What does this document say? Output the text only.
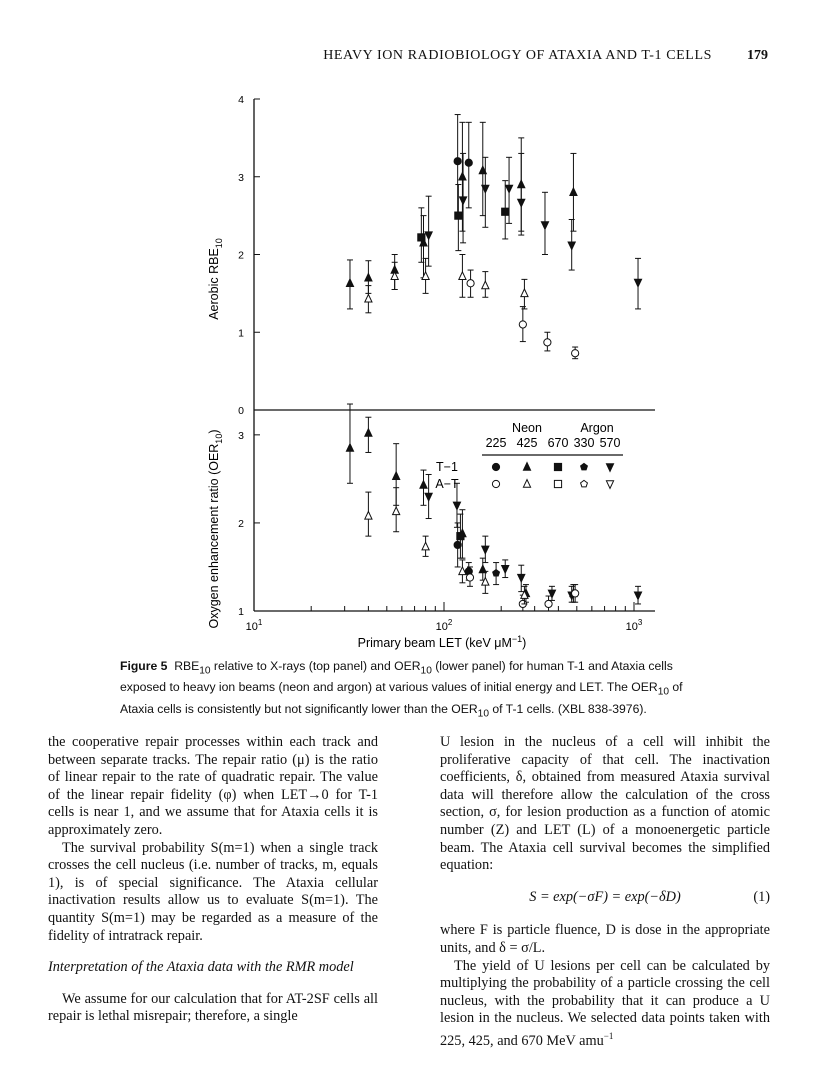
HEAVY ION RADIOBIOLOGY OF ATAXIA AND T-1 CELLS	179
0
1
2
3
4
2
3
1
Aerobic $RBE_{10}$
Oxygen enhancement ratio $(OER_{10})$
Primary beam LET (keV $\mu M^{-1}$)
$10^1$	$10^2$	$10^3$
Neon	Argon
225 425 670 330 570
T−1
A−T
Figure 5 $RBE_{10}$ relative to X-rays (top panel) and $OER_{10}$ (lower panel) for human T-1 and Ataxia cells exposed to heavy ion beams (neon and argon) at various values of initial energy and LET. The $OER_{10}$ of Ataxia cells is consistently but not significantly lower than the $OER_{10}$ of T-1 cells. (XBL 838-3976).

the cooperative repair processes within each track and between separate tracks. The repair ratio (μ) is the ratio of linear repair to the rate of quadratic repair. The value of the linear repair fidelity (φ) when LET→0 for T-1 cells is near 1, and we assume that for Ataxia cells it is approximately zero.

The survival probability S(m=1) when a single track crosses the cell nucleus (i.e. number of tracks, m, equals 1), is of special significance. The Ataxia cellular inactivation results allow us to evaluate S(m=1). The quantity S(m=1) may be regarded as a measure of the fidelity of intratrack repair.

Interpretation of the Ataxia data with the RMR model

We assume for our calculation that for AT-2SF cells all repair is lethal misrepair; therefore, a single

U lesion in the nucleus of a cell will inhibit the proliferative capacity of that cell. The inactivation coefficients, δ, obtained from measured Ataxia survival data will therefore allow the calculation of the cross section, σ, for lesion production as a function of atomic number (Z) and LET (L) of a monoenergetic particle beam. The Ataxia cell survival becomes the simplified equation:

S = exp(−σF) = exp(−δD)	(1)

where F is particle fluence, D is dose in the appropriate units, and δ = σ/L.

The yield of U lesions per cell can be calculated by multiplying the probability of a particle crossing the cell nucleus, with the probability that it can produce a U lesion in the nucleus. We selected data points taken with 225, 425, and 670 MeV amu$^{-1}$
